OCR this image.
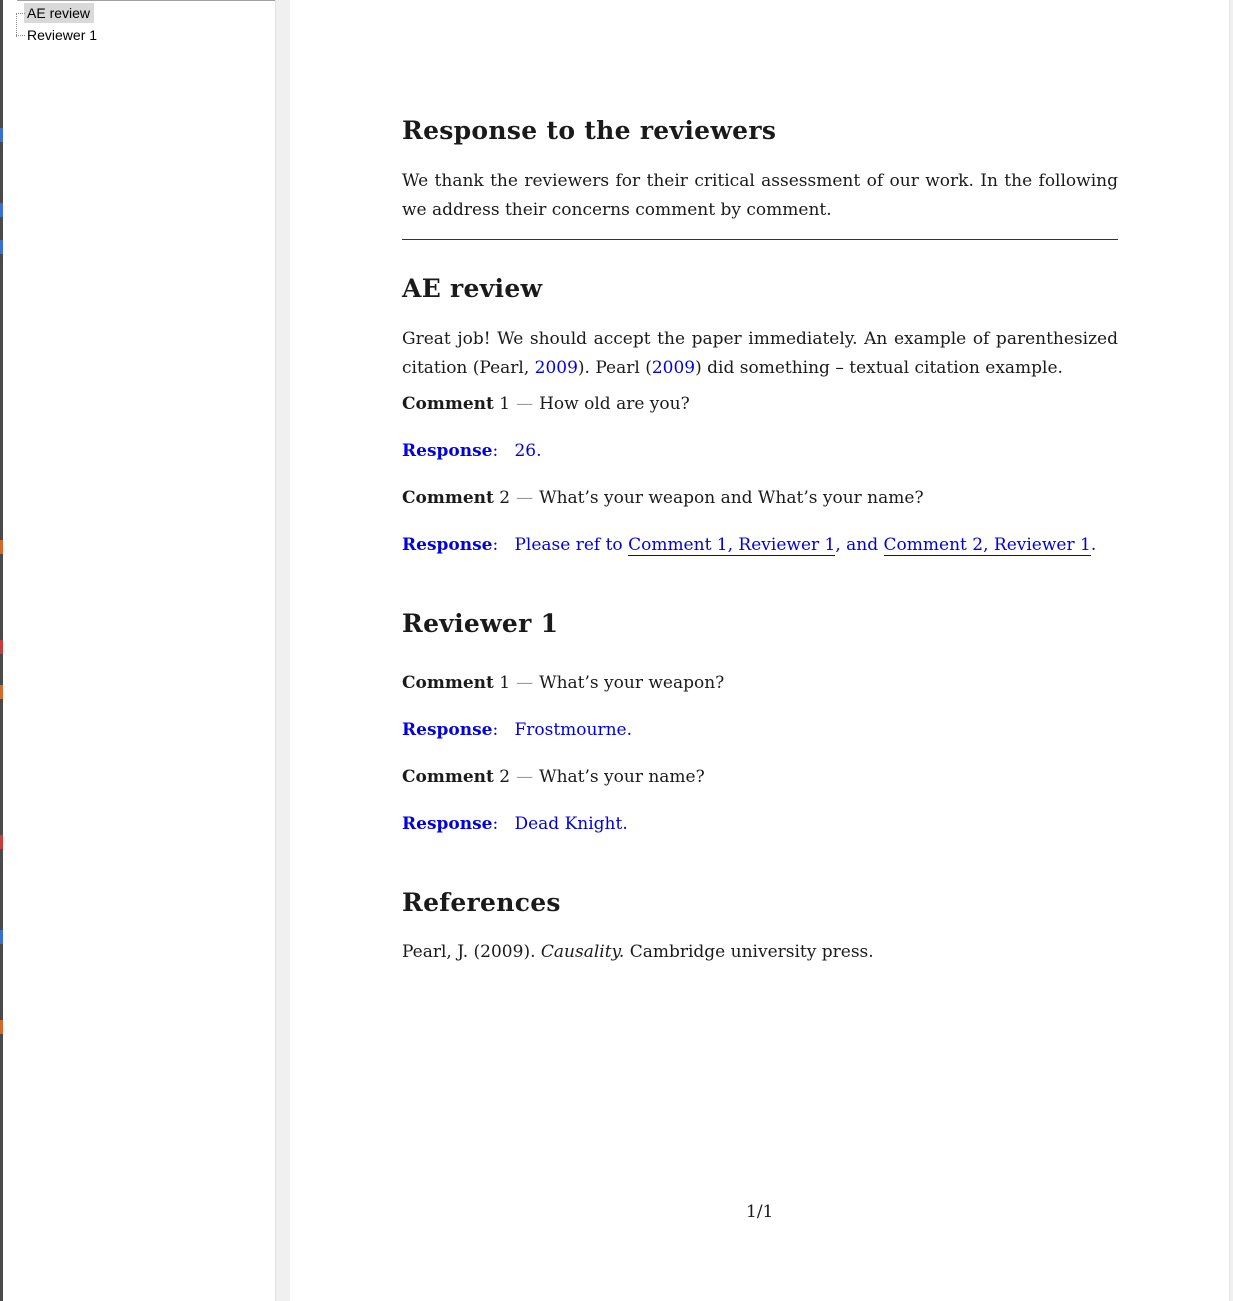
AE review
Reviewer 1
Response to the reviewers

We thank the reviewers for their critical assessment of our work. In the following we address their concerns comment by comment.

AE review

Great job! We should accept the paper immediately. An example of parenthesized citation (Pearl, 2009). Pearl (2009) did something – textual citation example.

Comment 1 — How old are you?
Response: 26.
Comment 2 — What’s your weapon and What’s your name?
Response: Please ref to Comment 1, Reviewer 1, and Comment 2, Reviewer 1.
Reviewer 1
Comment 1 — What’s your weapon?
Response: Frostmourne.
Comment 2 — What’s your name?
Response: Dead Knight.
References
Pearl, J. (2009). Causality. Cambridge university press.
1/1
